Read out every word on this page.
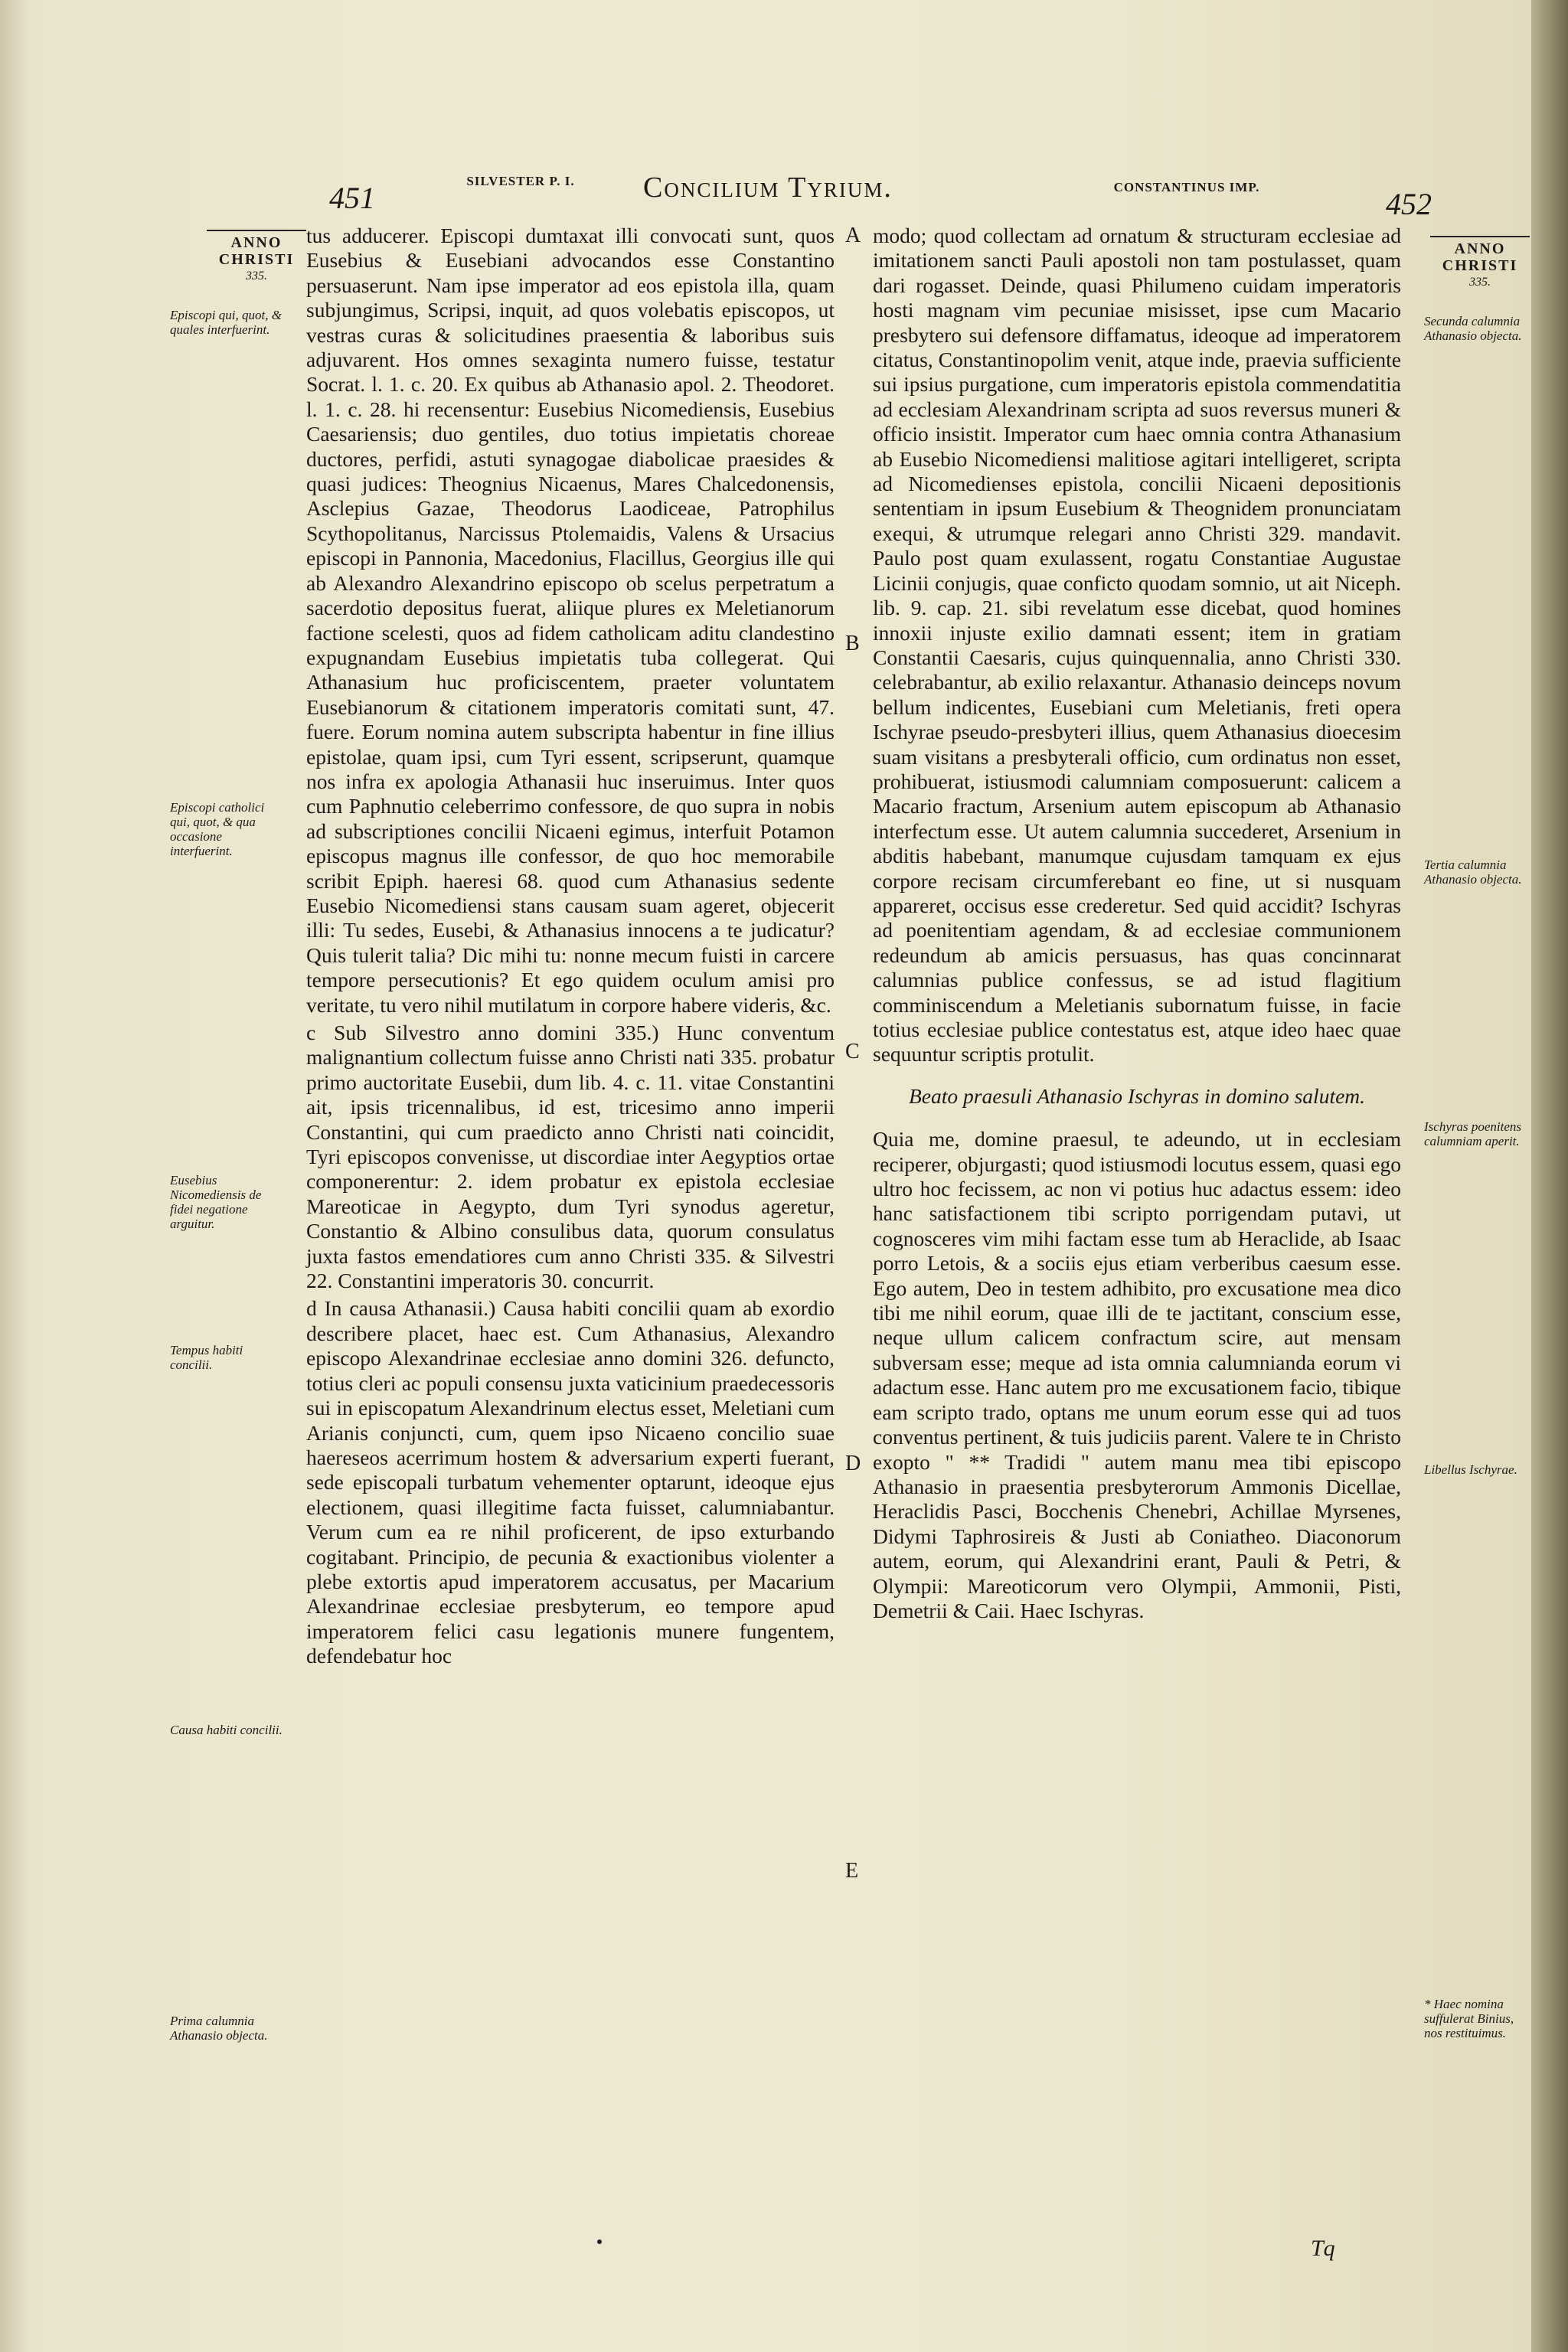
451	SILVESTER P. I.	Concilium Tyrium.	CONSTANTINUS IMP.	452
ANNO CHRISTI
335.
ANNO CHRISTI
335.
Episcopi qui, quot, & quales interfuerint.
Episcopi catholici qui, quot, & qua occasione interfuerint.
Eusebius Nicomediensis de fidei negatione arguitur.
Tempus habiti concilii.
Causa habiti concilii.
Prima calumnia Athanasio objecta.
Secunda calumnia Athanasio objecta.
Tertia calumnia Athanasio objecta.
Ischyras poenitens calumniam aperit.
Libellus Ischyrae.
* Haec nomina suffulerat Binius, nos restituimus.
A
B
C
D
E

tus adducerer. Episcopi dumtaxat illi convocati sunt, quos Eusebius & Eusebiani advocandos esse Constantino persuaserunt. Nam ipse imperator ad eos epistola illa, quam subjungimus, Scripsi, inquit, ad quos volebatis episcopos, ut vestras curas & solicitudines praesentia & laboribus suis adjuvarent. Hos omnes sexaginta numero fuisse, testatur Socrat. l. 1. c. 20. Ex quibus ab Athanasio apol. 2. Theodoret. l. 1. c. 28. hi recensentur: Eusebius Nicomediensis, Eusebius Caesariensis; duo gentiles, duo totius impietatis choreae ductores, perfidi, astuti synagogae diabolicae praesides & quasi judices: Theognius Nicaenus, Mares Chalcedonensis, Asclepius Gazae, Theodorus Laodiceae, Patrophilus Scythopolitanus, Narcissus Ptolemaidis, Valens & Ursacius episcopi in Pannonia, Macedonius, Flacillus, Georgius ille qui ab Alexandro Alexandrino episcopo ob scelus perpetratum a sacerdotio depositus fuerat, aliique plures ex Meletianorum factione scelesti, quos ad fidem catholicam aditu clandestino expugnandam Eusebius impietatis tuba collegerat. Qui Athanasium huc proficiscentem, praeter voluntatem Eusebianorum & citationem imperatoris comitati sunt, 47. fuere. Eorum nomina autem subscripta habentur in fine illius epistolae, quam ipsi, cum Tyri essent, scripserunt, quamque nos infra ex apologia Athanasii huc inseruimus. Inter quos cum Paphnutio celeberrimo confessore, de quo supra in nobis ad subscriptiones concilii Nicaeni egimus, interfuit Potamon episcopus magnus ille confessor, de quo hoc memorabile scribit Epiph. haeresi 68. quod cum Athanasius sedente Eusebio Nicomediensi stans causam suam ageret, objecerit illi: Tu sedes, Eusebi, & Athanasius innocens a te judicatur? Quis tulerit talia? Dic mihi tu: nonne mecum fuisti in carcere tempore persecutionis? Et ego quidem oculum amisi pro veritate, tu vero nihil mutilatum in corpore habere videris, &c.

c Sub Silvestro anno domini 335.) Hunc conventum malignantium collectum fuisse anno Christi nati 335. probatur primo auctoritate Eusebii, dum lib. 4. c. 11. vitae Constantini ait, ipsis tricennalibus, id est, tricesimo anno imperii Constantini, qui cum praedicto anno Christi nati coincidit, Tyri episcopos convenisse, ut discordiae inter Aegyptios ortae componerentur: 2. idem probatur ex epistola ecclesiae Mareoticae in Aegypto, dum Tyri synodus ageretur, Constantio & Albino consulibus data, quorum consulatus juxta fastos emendatiores cum anno Christi 335. & Silvestri 22. Constantini imperatoris 30. concurrit.

d In causa Athanasii.) Causa habiti concilii quam ab exordio describere placet, haec est. Cum Athanasius, Alexandro episcopo Alexandrinae ecclesiae anno domini 326. defuncto, totius cleri ac populi consensu juxta vaticinium praedecessoris sui in episcopatum Alexandrinum electus esset, Meletiani cum Arianis conjuncti, cum, quem ipso Nicaeno concilio suae haereseos acerrimum hostem & adversarium experti fuerant, sede episcopali turbatum vehementer optarunt, ideoque ejus electionem, quasi illegitime facta fuisset, calumniabantur. Verum cum ea re nihil proficerent, de ipso exturbando cogitabant. Principio, de pecunia & exactionibus violenter a plebe extortis apud imperatorem accusatus, per Macarium Alexandrinae ecclesiae presbyterum, eo tempore apud imperatorem felici casu legationis munere fungentem, defendebatur hoc

modo; quod collectam ad ornatum & structuram ecclesiae ad imitationem sancti Pauli apostoli non tam postulasset, quam dari rogasset. Deinde, quasi Philumeno cuidam imperatoris hosti magnam vim pecuniae misisset, ipse cum Macario presbytero sui defensore diffamatus, ideoque ad imperatorem citatus, Constantinopolim venit, atque inde, praevia sufficiente sui ipsius purgatione, cum imperatoris epistola commendatitia ad ecclesiam Alexandrinam scripta ad suos reversus muneri & officio insistit. Imperator cum haec omnia contra Athanasium ab Eusebio Nicomediensi malitiose agitari intelligeret, scripta ad Nicomedienses epistola, concilii Nicaeni depositionis sententiam in ipsum Eusebium & Theognidem pronunciatam exequi, & utrumque relegari anno Christi 329. mandavit. Paulo post quam exulassent, rogatu Constantiae Augustae Licinii conjugis, quae conficto quodam somnio, ut ait Niceph. lib. 9. cap. 21. sibi revelatum esse dicebat, quod homines innoxii injuste exilio damnati essent; item in gratiam Constantii Caesaris, cujus quinquennalia, anno Christi 330. celebrabantur, ab exilio relaxantur. Athanasio deinceps novum bellum indicentes, Eusebiani cum Meletianis, freti opera Ischyrae pseudo-presbyteri illius, quem Athanasius dioecesim suam visitans a presbyterali officio, cum ordinatus non esset, prohibuerat, istiusmodi calumniam composuerunt: calicem a Macario fractum, Arsenium autem episcopum ab Athanasio interfectum esse. Ut autem calumnia succederet, Arsenium in abditis habebant, manumque cujusdam tamquam ex ejus corpore recisam circumferebant eo fine, ut si nusquam appareret, occisus esse crederetur. Sed quid accidit? Ischyras ad poenitentiam agendam, & ad ecclesiae communionem redeundum ab amicis persuasus, has quas concinnarat calumnias publice confessus, se ad istud flagitium comminiscendum a Meletianis subornatum fuisse, in facie totius ecclesiae publice contestatus est, atque ideo haec quae sequuntur scriptis protulit.

Beato praesuli Athanasio Ischyras in domino salutem.

Quia me, domine praesul, te adeundo, ut in ecclesiam reciperer, objurgasti; quod istiusmodi locutus essem, quasi ego ultro hoc fecissem, ac non vi potius huc adactus essem: ideo hanc satisfactionem tibi scripto porrigendam putavi, ut cognosceres vim mihi factam esse tum ab Heraclide, ab Isaac porro Letois, & a sociis ejus etiam verberibus caesum esse. Ego autem, Deo in testem adhibito, pro excusatione mea dico tibi me nihil eorum, quae illi de te jactitant, conscium esse, neque ullum calicem confractum scire, aut mensam subversam esse; meque ad ista omnia calumnianda eorum vi adactum esse. Hanc autem pro me excusationem facio, tibique eam scripto trado, optans me unum eorum esse qui ad tuos conventus pertinent, & tuis judiciis parent. Valere te in Christo exopto " ** Tradidi " autem manu mea tibi episcopo Athanasio in praesentia presbyterorum Ammonis Dicellae, Heraclidis Pasci, Bocchenis Chenebri, Achillae Myrsenes, Didymi Taphrosireis & Justi ab Coniatheo. Diaconorum autem, eorum, qui Alexandrini erant, Pauli & Petri, & Olympii: Mareoticorum vero Olympii, Ammonii, Pisti, Demetrii & Caii. Haec Ischyras.

Tq
